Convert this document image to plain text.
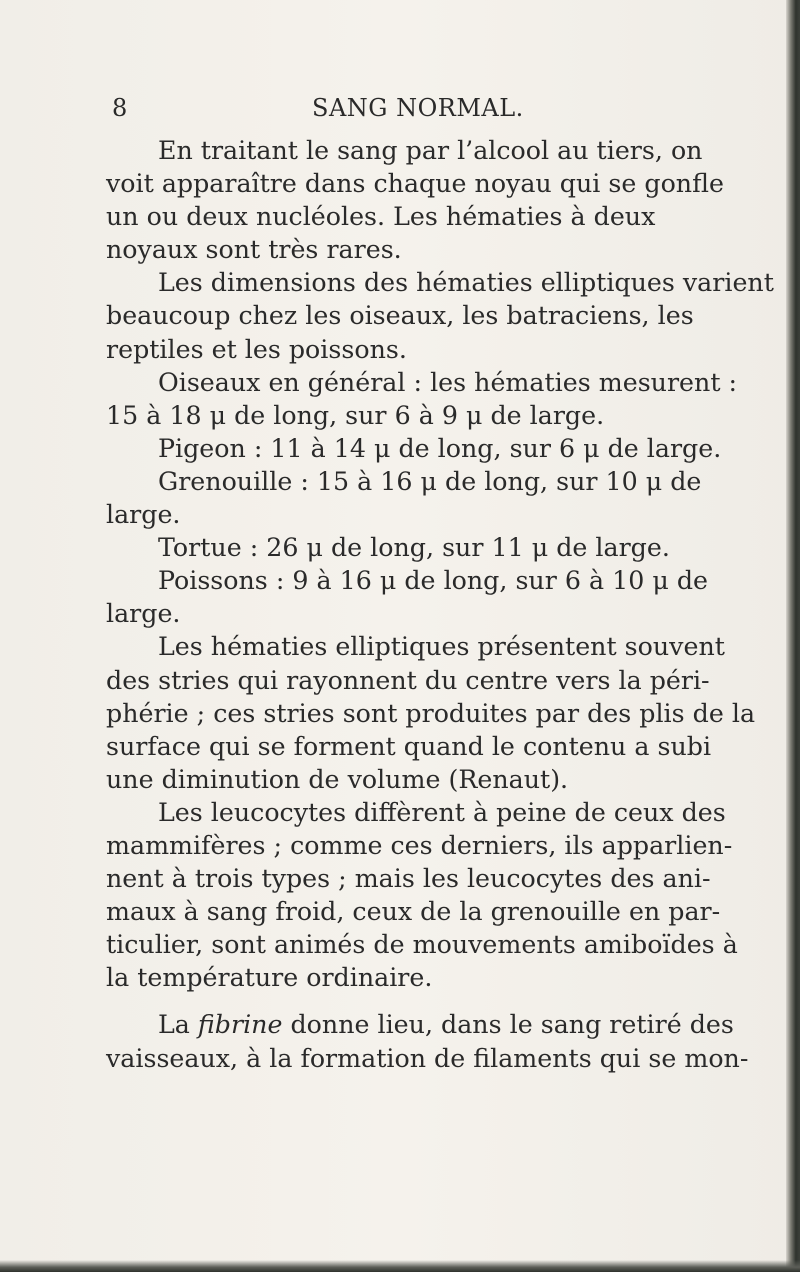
8	SANG NORMAL.
En traitant le sang par l’alcool au tiers, on
voit apparaître dans chaque noyau qui se gonfle
un ou deux nucléoles. Les hématies à deux
noyaux sont très rares.
Les dimensions des hématies elliptiques varient
beaucoup chez les oiseaux, les batraciens, les
reptiles et les poissons.
Oiseaux en général : les hématies mesurent :
15 à 18 μ de long, sur 6 à 9 μ de large.
Pigeon : 11 à 14 μ de long, sur 6 μ de large.
Grenouille : 15 à 16 μ de long, sur 10 μ de
large.
Tortue : 26 μ de long, sur 11 μ de large.
Poissons : 9 à 16 μ de long, sur 6 à 10 μ de
large.
Les hématies elliptiques présentent souvent
des stries qui rayonnent du centre vers la péri-
phérie ; ces stries sont produites par des plis de la
surface qui se forment quand le contenu a subi
une diminution de volume (Renaut).
Les leucocytes diffèrent à peine de ceux des
mammifères ; comme ces derniers, ils apparlien-
nent à trois types ; mais les leucocytes des ani-
maux à sang froid, ceux de la grenouille en par-
ticulier, sont animés de mouvements amiboïdes à
la température ordinaire.
La fibrine donne lieu, dans le sang retiré des
vaisseaux, à la formation de filaments qui se mon-
